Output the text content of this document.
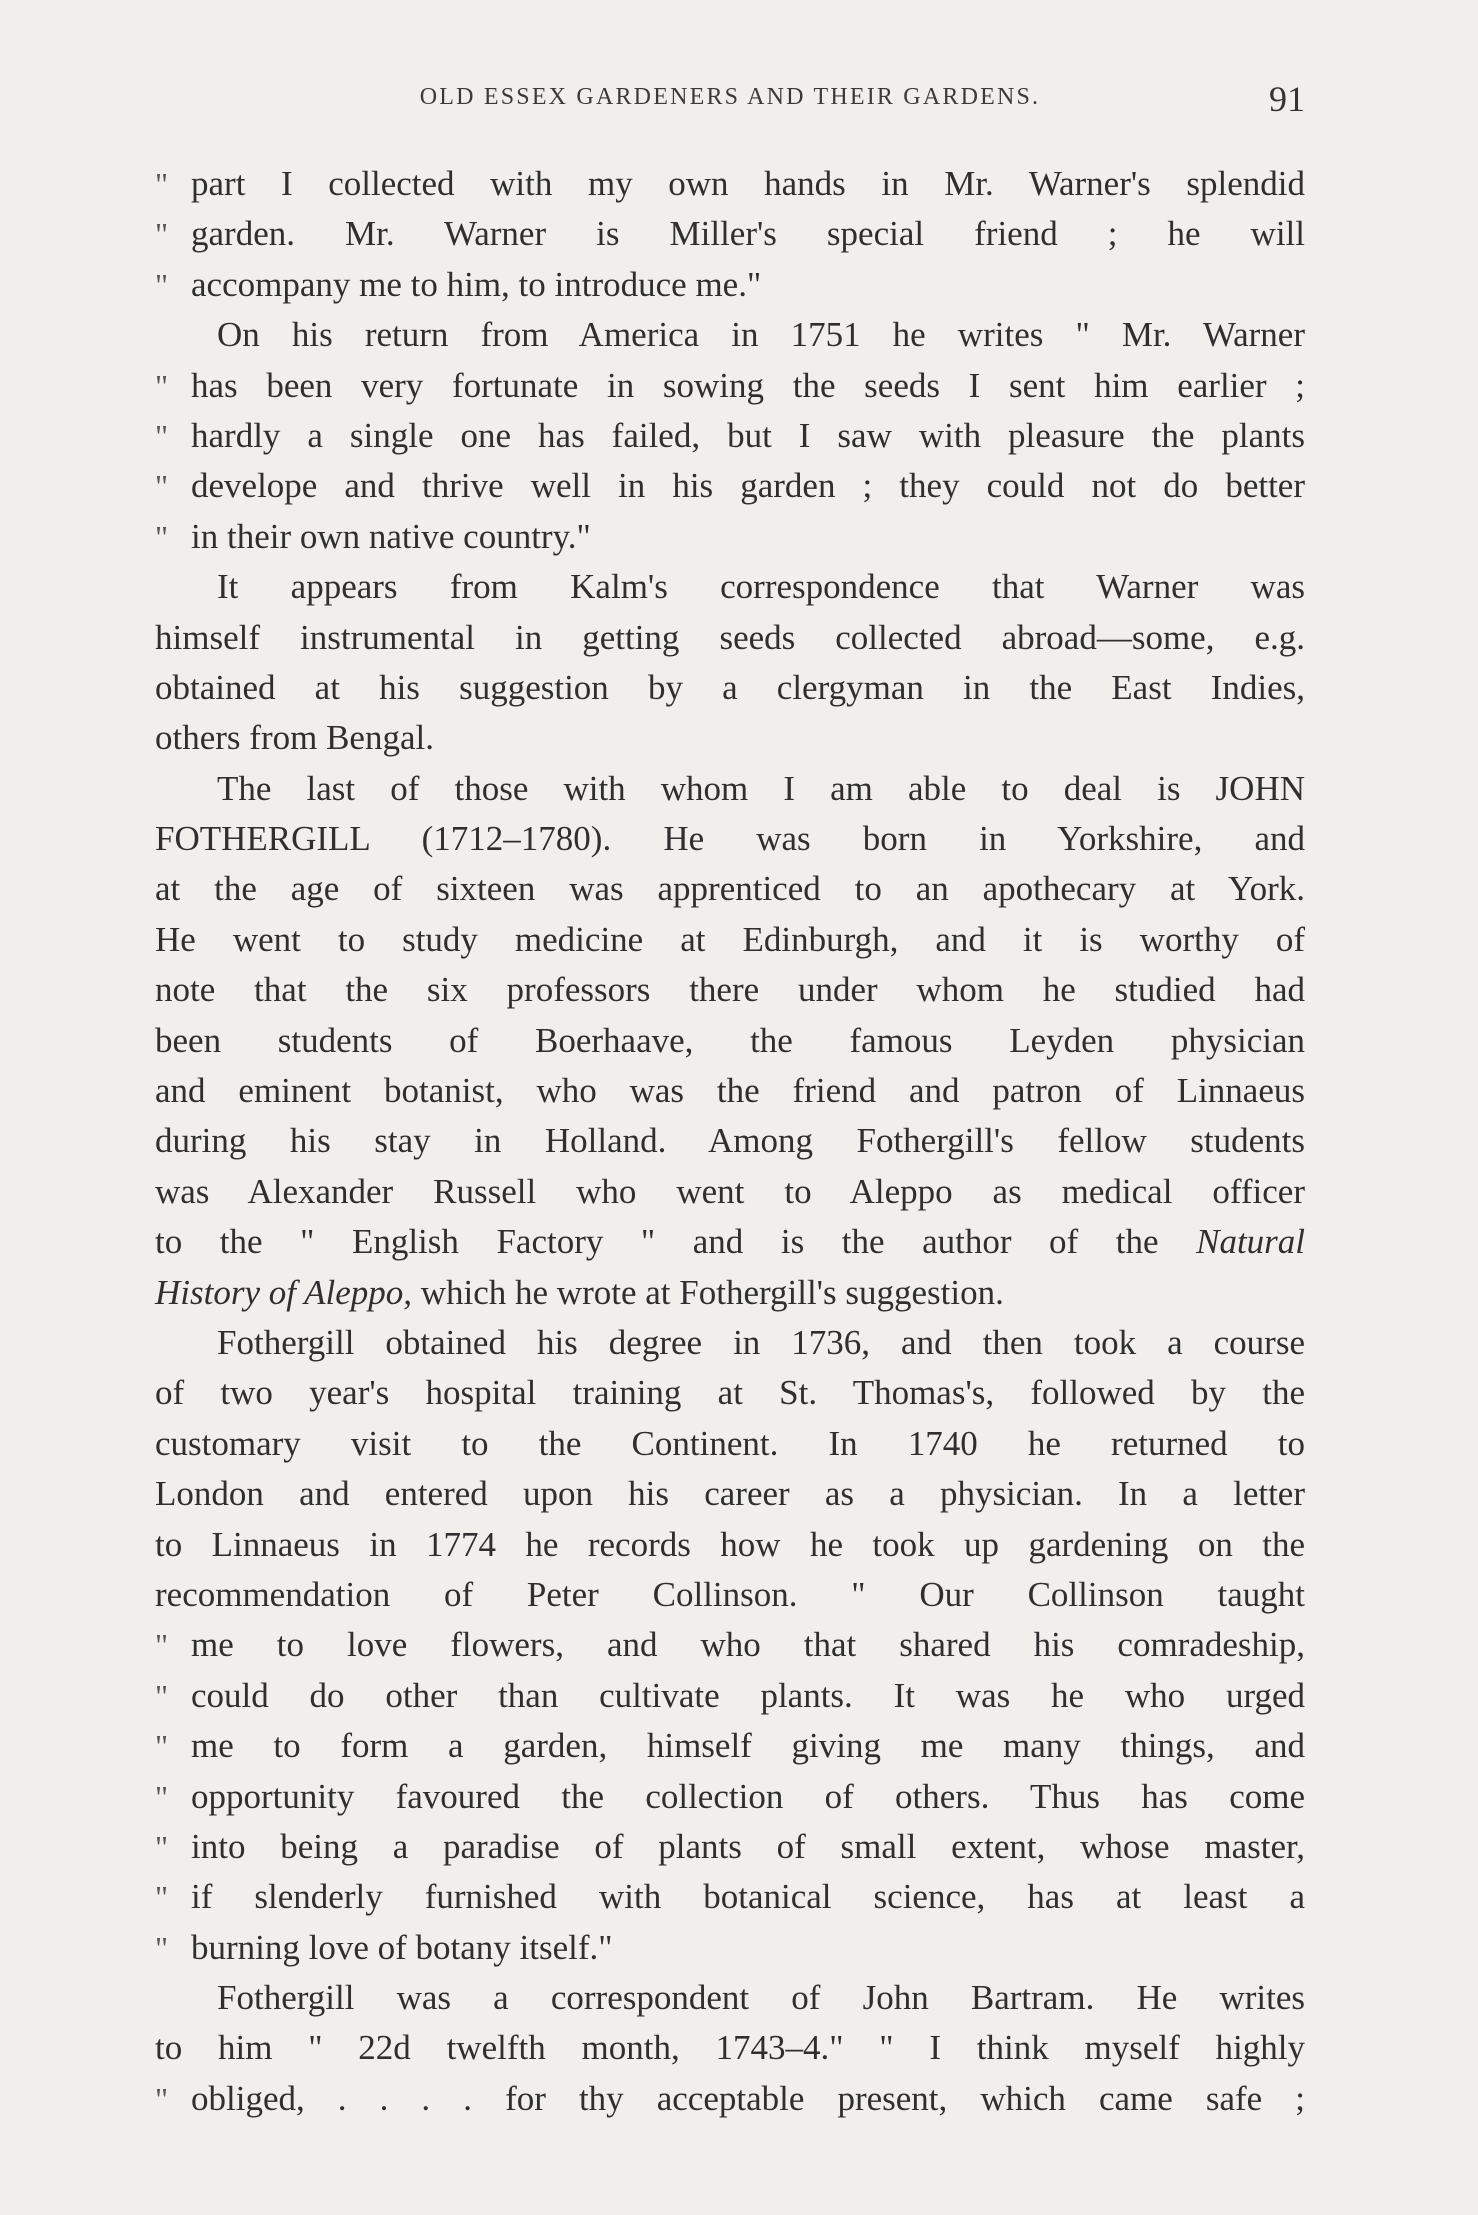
OLD ESSEX GARDENERS AND THEIR GARDENS.	91
" part I collected with my own hands in Mr. Warner's splendid
" garden. Mr. Warner is Miller's special friend ; he will
" accompany me to him, to introduce me."
On his return from America in 1751 he writes " Mr. Warner
" has been very fortunate in sowing the seeds I sent him earlier ;
" hardly a single one has failed, but I saw with pleasure the plants
" develope and thrive well in his garden ; they could not do better
" in their own native country."
It appears from Kalm's correspondence that Warner was
himself instrumental in getting seeds collected abroad—some, e.g.
obtained at his suggestion by a clergyman in the East Indies,
others from Bengal.
The last of those with whom I am able to deal is JOHN
FOTHERGILL (1712–1780). He was born in Yorkshire, and
at the age of sixteen was apprenticed to an apothecary at York.
He went to study medicine at Edinburgh, and it is worthy of
note that the six professors there under whom he studied had
been students of Boerhaave, the famous Leyden physician
and eminent botanist, who was the friend and patron of Linnaeus
during his stay in Holland. Among Fothergill's fellow students
was Alexander Russell who went to Aleppo as medical officer
to the " English Factory " and is the author of the Natural
History of Aleppo, which he wrote at Fothergill's suggestion.
Fothergill obtained his degree in 1736, and then took a course
of two year's hospital training at St. Thomas's, followed by the
customary visit to the Continent. In 1740 he returned to
London and entered upon his career as a physician. In a letter
to Linnaeus in 1774 he records how he took up gardening on the
recommendation of Peter Collinson. " Our Collinson taught
" me to love flowers, and who that shared his comradeship,
" could do other than cultivate plants. It was he who urged
" me to form a garden, himself giving me many things, and
" opportunity favoured the collection of others. Thus has come
" into being a paradise of plants of small extent, whose master,
" if slenderly furnished with botanical science, has at least a
" burning love of botany itself."
Fothergill was a correspondent of John Bartram. He writes
to him " 22d twelfth month, 1743–4." " I think myself highly
" obliged, . . . . for thy acceptable present, which came safe ;
